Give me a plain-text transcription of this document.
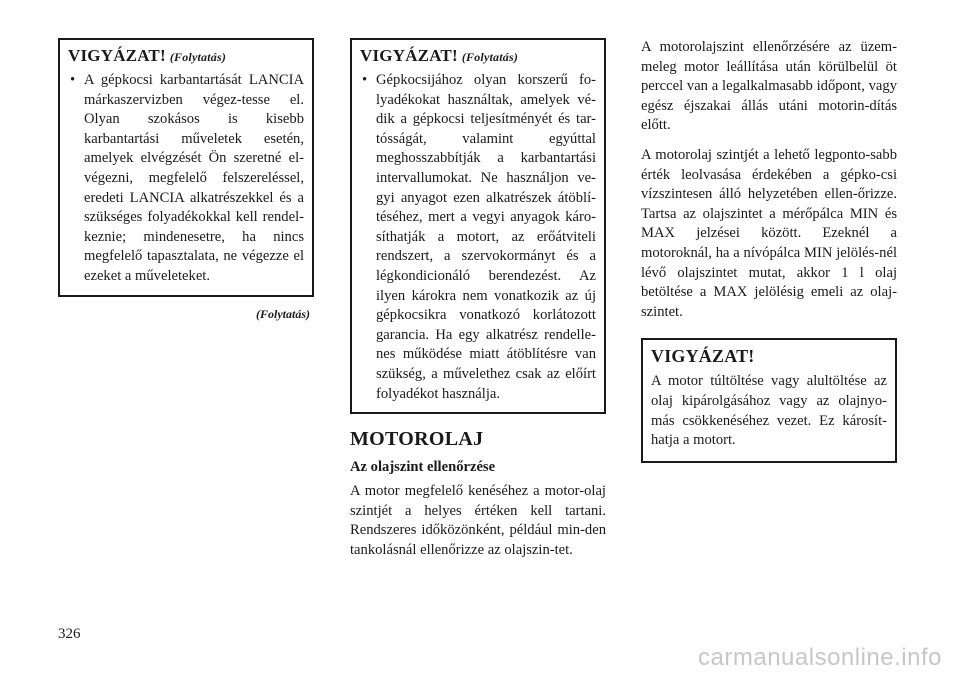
VIGYÁZAT! (Folytatás)
• A gépkocsi karbantartását LANCIA márkaszervizben végez-tesse el. Olyan szokásos is kisebb karbantartási műveletek esetén, amelyek elvégzését Ön szeretné el-végezni, megfelelő felszereléssel, eredeti LANCIA alkatrészekkel és a szükséges folyadékokkal kell rendel-keznie; mindenesetre, ha nincs megfelelő tapasztalata, ne végezze el ezeket a műveleteket.
(Folytatás)
VIGYÁZAT! (Folytatás)
• Gépkocsijához olyan korszerű fo-lyadékokat használtak, amelyek vé-dik a gépkocsi teljesítményét és tar-tósságát, valamint egyúttal meghosszabbítják a karbantartási intervallumokat. Ne használjon ve-gyi anyagot ezen alkatrészek átöblí-téséhez, mert a vegyi anyagok káro-síthatják a motort, az erőátviteli rendszert, a szervokormányt és a légkondicionáló berendezést. Az ilyen károkra nem vonatkozik az új gépkocsikra vonatkozó korlátozott garancia. Ha egy alkatrész rendelle-nes működése miatt átöblítésre van szükség, a művelethez csak az előírt folyadékot használja.
MOTOROLAJ
Az olajszint ellenőrzése

A motor megfelelő kenéséhez a motor-olaj szintjét a helyes értéken kell tartani. Rendszeres időközönként, például min-den tankolásnál ellenőrizze az olajszin-tet.

A motorolajszint ellenőrzésére az üzem-meleg motor leállítása után körülbelül öt perccel van a legalkalmasabb időpont, vagy egész éjszakai állás utáni motorin-dítás előtt.

A motorolaj szintjét a lehető legponto-sabb érték leolvasása érdekében a gépko-csi vízszintesen álló helyzetében ellen-őrizze. Tartsa az olajszintet a mérőpálca MIN és MAX jelzései között. Ezeknél a motoroknál, ha a nívópálca MIN jelölés-nél lévő olajszintet mutat, akkor 1 l olaj betöltése a MAX jelölésig emeli az olaj-szintet.

VIGYÁZAT!
A motor túltöltése vagy alultöltése az olaj kipárolgásához vagy az olajnyo-más csökkenéséhez vezet. Ez károsít-hatja a motort.
326
carmanualsonline.info
